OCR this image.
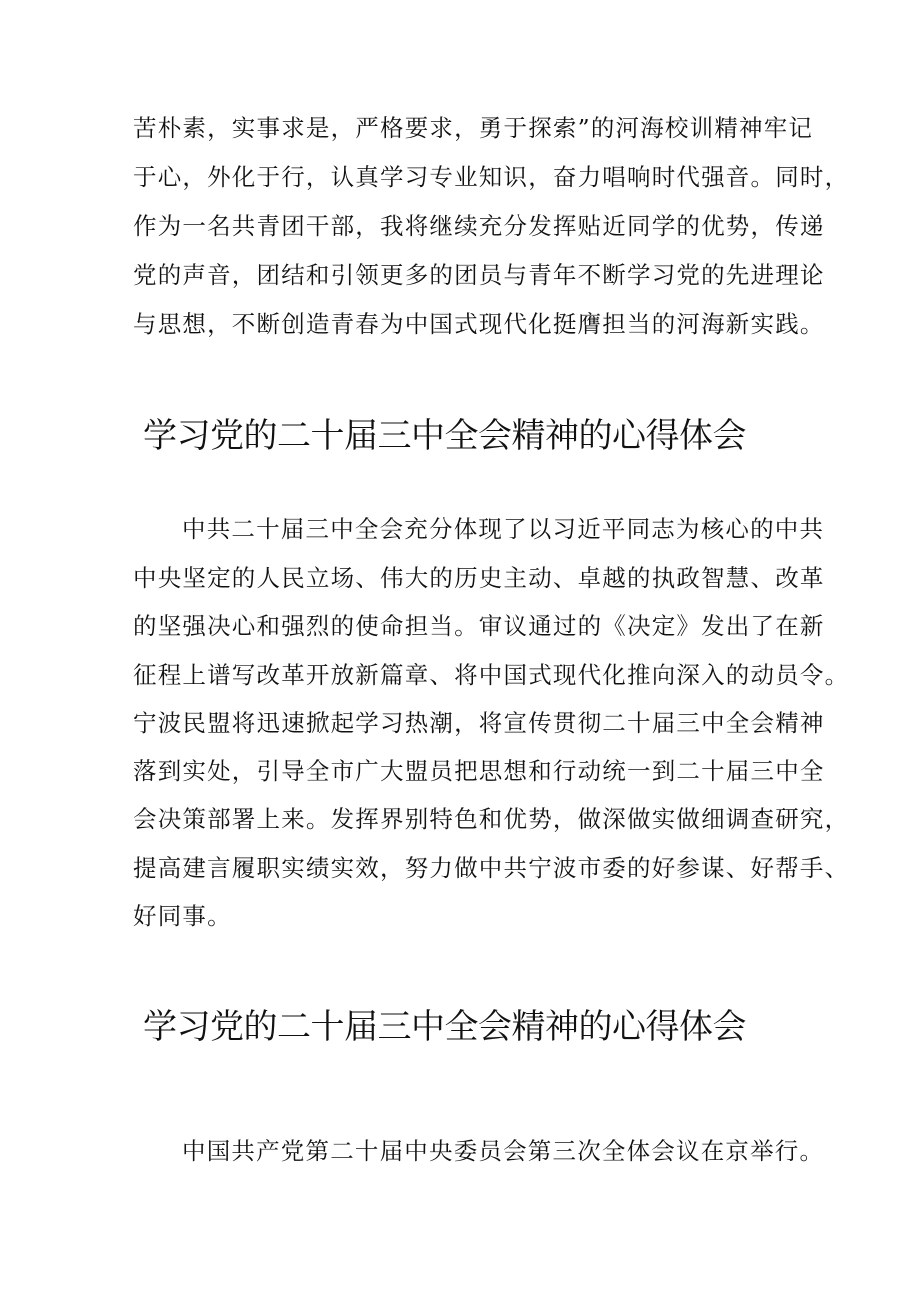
苦朴素，实事求是，严格要求，勇于探索”的河海校训精神牢记
于心，外化于行，认真学习专业知识，奋力唱响时代强音。同时，
作为一名共青团干部，我将继续充分发挥贴近同学的优势，传递
党的声音，团结和引领更多的团员与青年不断学习党的先进理论
与思想，不断创造青春为中国式现代化挺膺担当的河海新实践。
学习党的二十届三中全会精神的心得体会
中共二十届三中全会充分体现了以习近平同志为核心的中共
中央坚定的人民立场、伟大的历史主动、卓越的执政智慧、改革
的坚强决心和强烈的使命担当。审议通过的《决定》发出了在新
征程上谱写改革开放新篇章、将中国式现代化推向深入的动员令。
宁波民盟将迅速掀起学习热潮，将宣传贯彻二十届三中全会精神
落到实处，引导全市广大盟员把思想和行动统一到二十届三中全
会决策部署上来。发挥界别特色和优势，做深做实做细调查研究，
提高建言履职实绩实效，努力做中共宁波市委的好参谋、好帮手、
好同事。
学习党的二十届三中全会精神的心得体会
中国共产党第二十届中央委员会第三次全体会议在京举行。
